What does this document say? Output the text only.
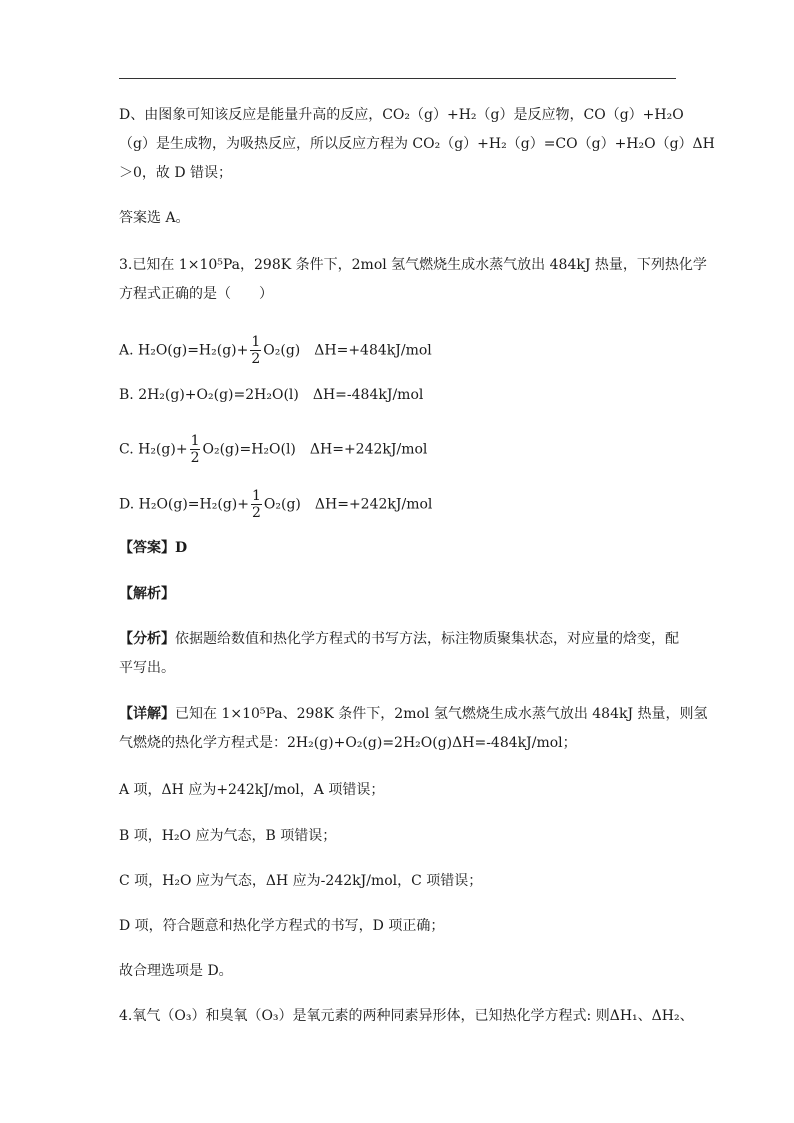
D、由图象可知该反应是能量升高的反应，CO₂（g）+H₂（g）是反应物，CO（g）+H₂O
（g）是生成物，为吸热反应，所以反应方程为 CO₂（g）+H₂（g）=CO（g）+H₂O（g）ΔH
＞0，故 D 错误；
答案选 A。
3.已知在 1×10⁵Pa，298K 条件下，2mol 氢气燃烧生成水蒸气放出 484kJ 热量，下列热化学
方程式正确的是（　　）
A. $H_2O(g)=H_2(g)+ \frac{1}{2} O_2(g)$ ΔH=+484kJ/mol
B. 2H₂(g)+O₂(g)=2H₂O(l) ΔH=-484kJ/mol
C. $H_2(g)+ \frac{1}{2} O_2(g)=H_2O(l)$ ΔH=+242kJ/mol
D. $H_2O(g)=H_2(g)+ \frac{1}{2} O_2(g)$ ΔH=+242kJ/mol
【答案】D
【解析】
【分析】依据题给数值和热化学方程式的书写方法，标注物质聚集状态，对应量的焓变，配
平写出。
【详解】已知在 1×10⁵Pa、298K 条件下，2mol 氢气燃烧生成水蒸气放出 484kJ 热量，则氢
气燃烧的热化学方程式是：2H₂(g)+O₂(g)=2H₂O(g)ΔH=-484kJ/mol；
A 项，ΔH 应为+242kJ/mol，A 项错误；
B 项，H₂O 应为气态，B 项错误；
C 项，H₂O 应为气态，ΔH 应为-242kJ/mol，C 项错误；
D 项，符合题意和热化学方程式的书写，D 项正确；
故合理选项是 D。
4.氧气（O₃）和臭氧（O₃）是氧元素的两种同素异形体，已知热化学方程式: 则ΔH₁、ΔH₂、
